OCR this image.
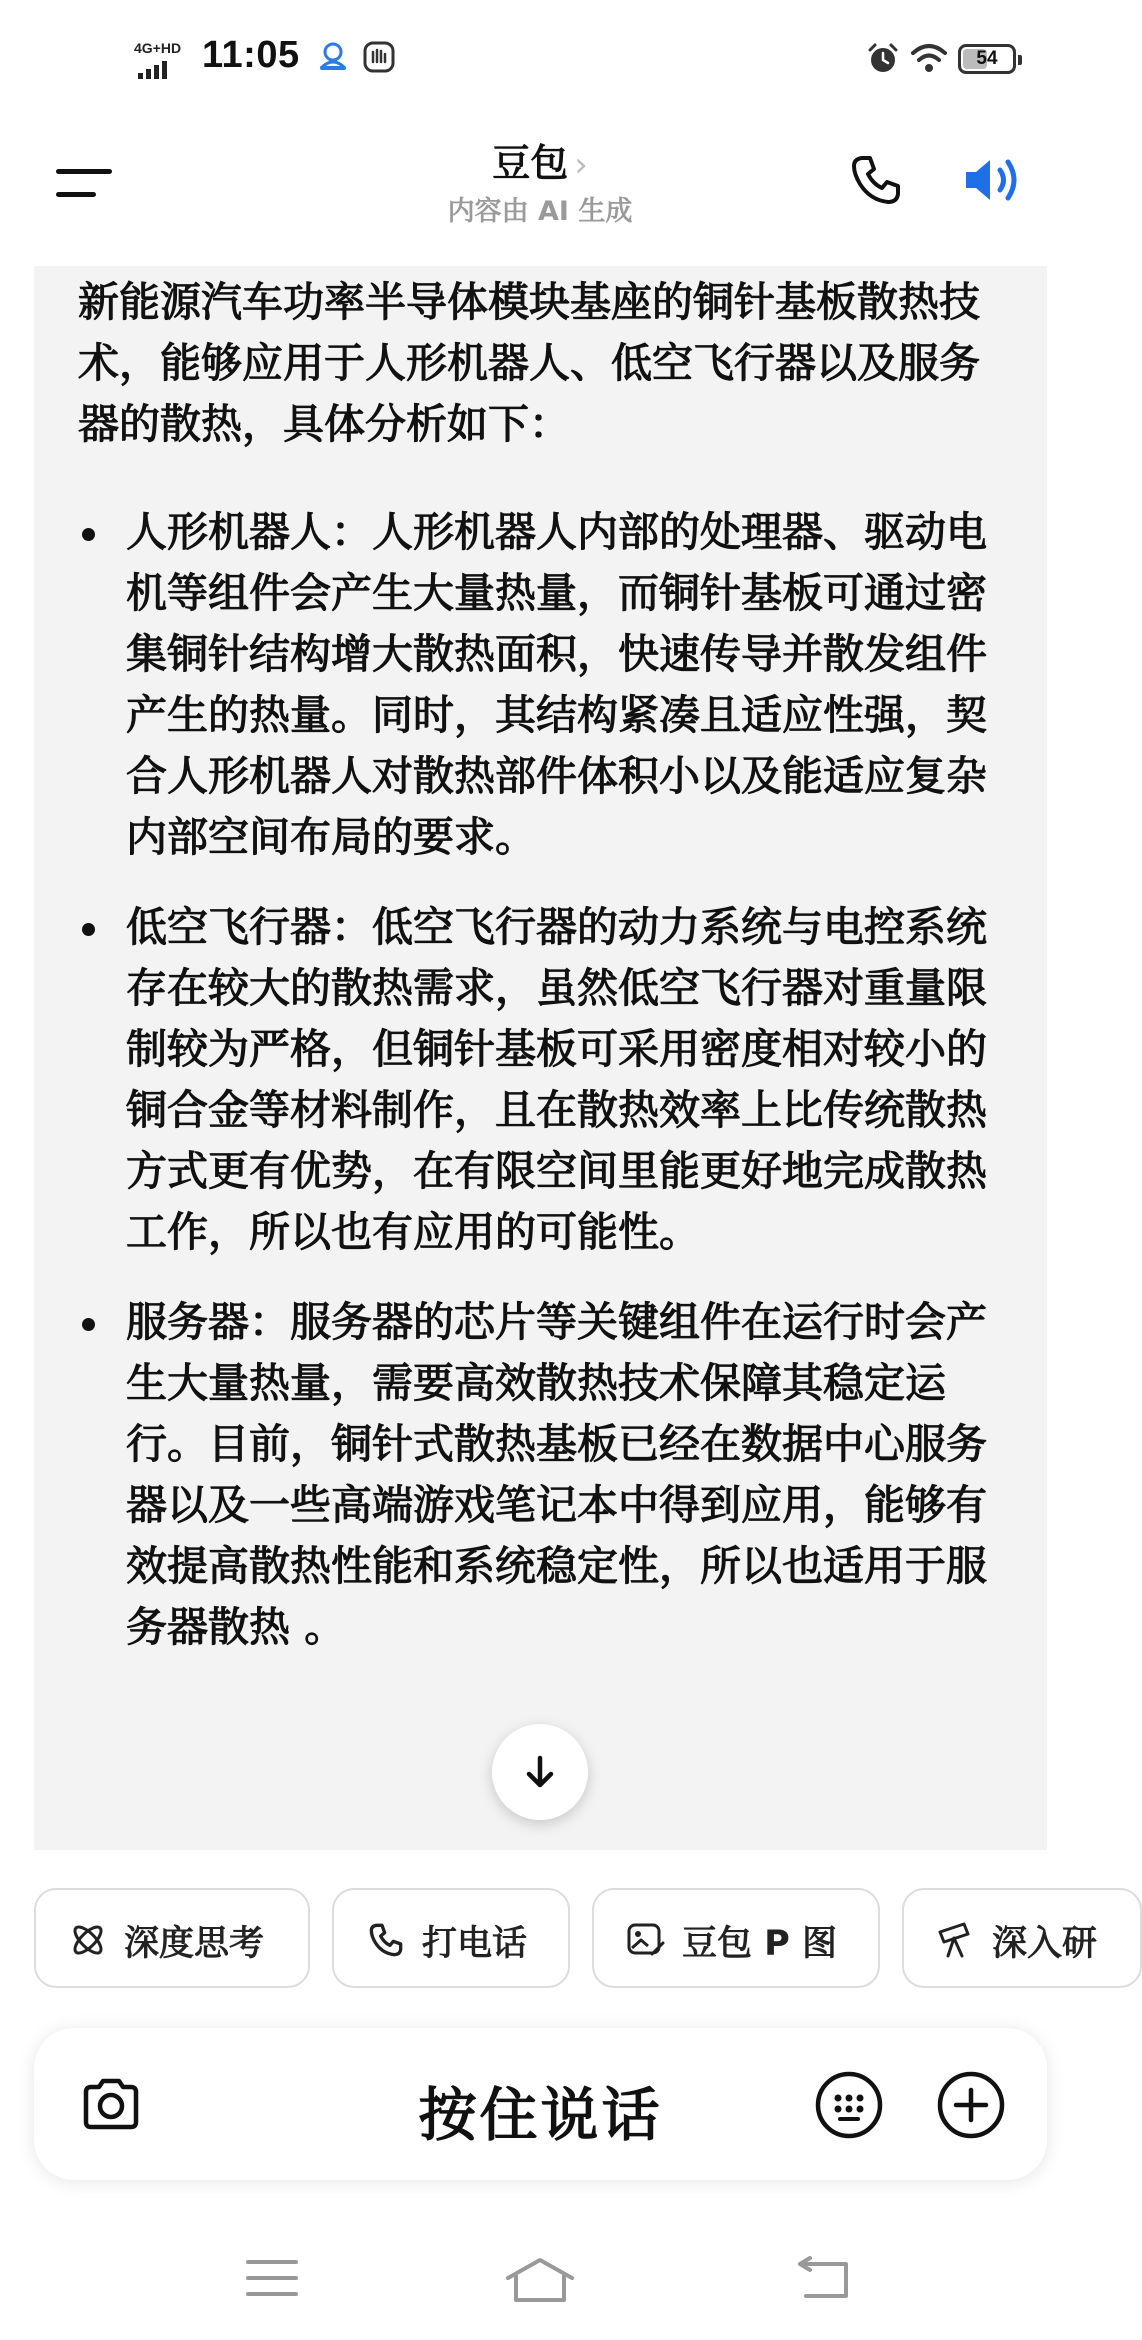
4G+HD 11:05	54
豆包 ›
内容由 AI 生成

新能源汽车功率半导体模块基座的铜针基板散热技术，能够应用于人形机器人、低空飞行器以及服务器的散热，具体分析如下：

人形机器人：人形机器人内部的处理器、驱动电机等组件会产生大量热量，而铜针基板可通过密集铜针结构增大散热面积，快速传导并散发组件产生的热量。同时，其结构紧凑且适应性强，契合人形机器人对散热部件体积小以及能适应复杂内部空间布局的要求。
低空飞行器：低空飞行器的动力系统与电控系统存在较大的散热需求，虽然低空飞行器对重量限制较为严格，但铜针基板可采用密度相对较小的铜合金等材料制作，且在散热效率上比传统散热方式更有优势，在有限空间里能更好地完成散热工作，所以也有应用的可能性。
服务器：服务器的芯片等关键组件在运行时会产生大量热量，需要高效散热技术保障其稳定运行。目前，铜针式散热基板已经在数据中心服务器以及一些高端游戏笔记本中得到应用，能够有效提高散热性能和系统稳定性，所以也适用于服务器散热 。
深度思考	打电话	豆包 P 图	深入研
按住说话
